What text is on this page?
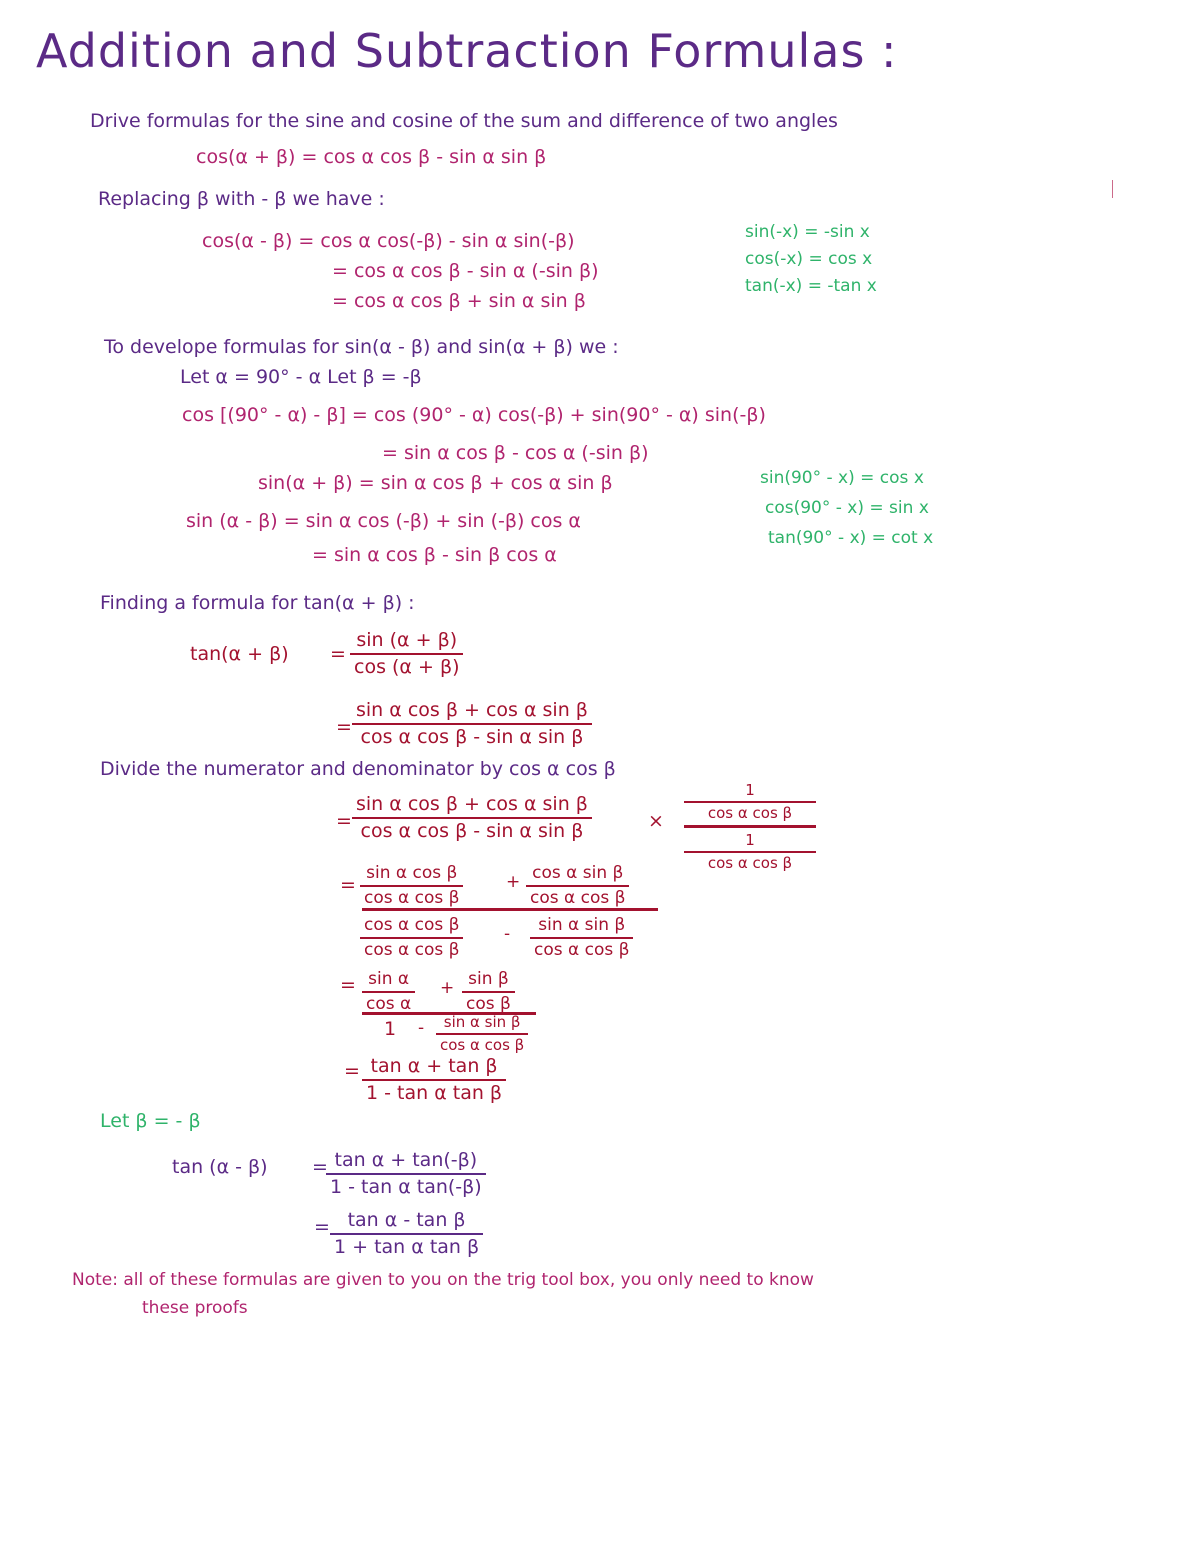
Addition and Subtraction Formulas :
Drive formulas for the sine and cosine of the sum and difference of two angles
cos(α + β) = cos α cos β - sin α sin β
Replacing β with - β we have :
cos(α - β) = cos α cos(-β) - sin α sin(-β)
= cos α cos β - sin α (-sin β)
= cos α cos β + sin α sin β
sin(-x) = -sin x
cos(-x) = cos x
tan(-x) = -tan x
To develope formulas for sin(α - β) and sin(α + β) we :
Let α = 90° - α Let β = -β
cos [(90° - α) - β] = cos (90° - α) cos(-β) + sin(90° - α) sin(-β)
= sin α cos β - cos α (-sin β)
sin(α + β) = sin α cos β + cos α sin β
sin (α - β) = sin α cos (-β) + sin (-β) cos α
= sin α cos β - sin β cos α
sin(90° - x) = cos x
cos(90° - x) = sin x
tan(90° - x) = cot x
Finding a formula for tan(α + β) :
tan(α + β) =
sin (α + β)
cos (α + β)
=
sin α cos β + cos α sin β
cos α cos β - sin α sin β
Divide the numerator and denominator by cos α cos β
=
sin α cos β + cos α sin β
cos α cos β - sin α sin β	×
1
cos α cos β
1
cos α cos β
=
sin α cos β
cos α cos β
+ cos α sin β
cos α cos β
cos α cos β
cos α cos β
- sin α sin β
cos α cos β
= sin α
cos α
+ sin β
cos β
1 - sin α sin β
cos α cos β
= tan α + tan β
1 - tan α tan β
Let β = - β
tan (α - β) = tan α + tan(-β)
1 - tan α tan(-β)
= tan α - tan β
1 + tan α tan β
Note: all of these formulas are given to you on the trig tool box, you only need to know
these proofs
